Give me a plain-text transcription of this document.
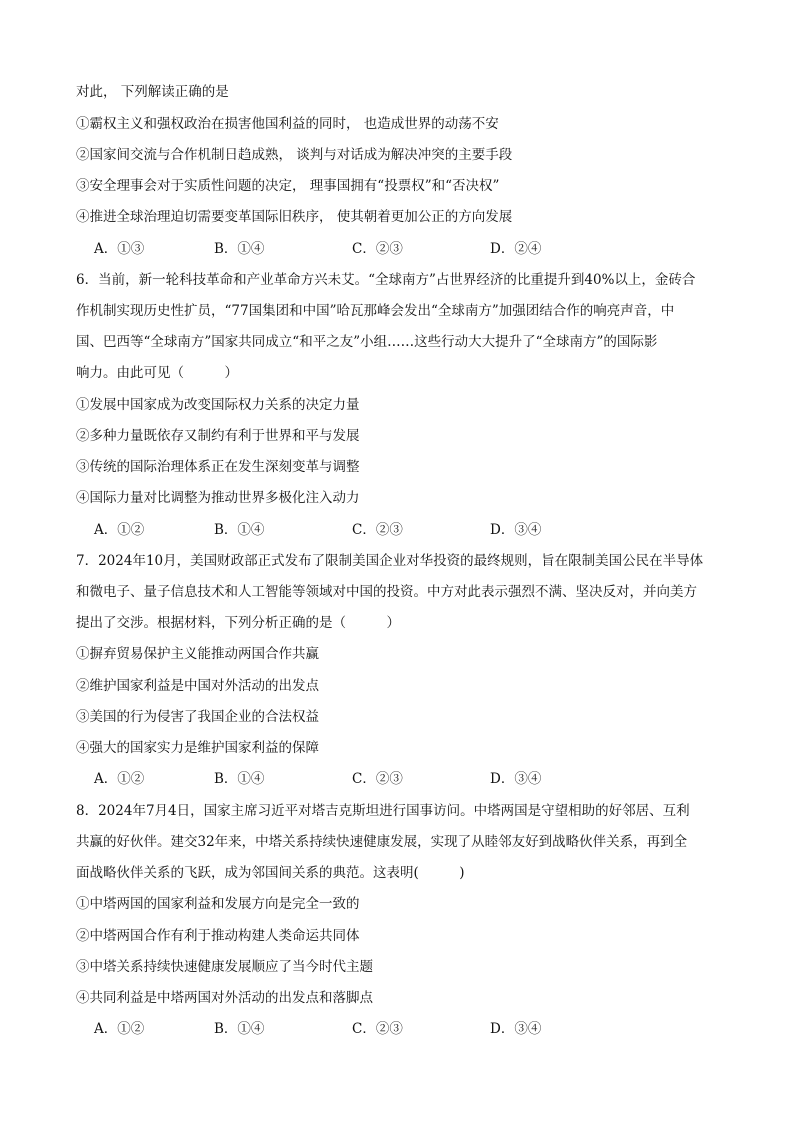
对此， 下列解读正确的是
①霸权主义和强权政治在损害他国利益的同时， 也造成世界的动荡不安
②国家间交流与合作机制日趋成熟， 谈判与对话成为解决冲突的主要手段
③安全理事会对于实质性问题的决定， 理事国拥有“投票权”和“否决权”
④推进全球治理迫切需要变革国际旧秩序， 使其朝着更加公正的方向发展
A．①③	B．①④	C．②③	D．②④
6．当前，新一轮科技革命和产业革命方兴未艾。“全球南方”占世界经济的比重提升到40%以上，金砖合
作机制实现历史性扩员，“77国集团和中国”哈瓦那峰会发出“全球南方”加强团结合作的响亮声音，中
国、巴西等“全球南方”国家共同成立“和平之友”小组……这些行动大大提升了“全球南方”的国际影
响力。由此可见（　　　）
①发展中国家成为改变国际权力关系的决定力量
②多种力量既依存又制约有利于世界和平与发展
③传统的国际治理体系正在发生深刻变革与调整
④国际力量对比调整为推动世界多极化注入动力
A．①②	B．①④	C．②③	D．③④
7．2024年10月，美国财政部正式发布了限制美国企业对华投资的最终规则，旨在限制美国公民在半导体
和微电子、量子信息技术和人工智能等领域对中国的投资。中方对此表示强烈不满、坚决反对，并向美方
提出了交涉。根据材料，下列分析正确的是（　　　）
①摒弃贸易保护主义能推动两国合作共赢
②维护国家利益是中国对外活动的出发点
③美国的行为侵害了我国企业的合法权益
④强大的国家实力是维护国家利益的保障
A．①②	B．①④	C．②③	D．③④
8．2024年7月4日，国家主席习近平对塔吉克斯坦进行国事访问。中塔两国是守望相助的好邻居、互利
共赢的好伙伴。建交32年来，中塔关系持续快速健康发展，实现了从睦邻友好到战略伙伴关系，再到全
面战略伙伴关系的飞跃，成为邻国间关系的典范。这表明(　　　)
①中塔两国的国家利益和发展方向是完全一致的
②中塔两国合作有利于推动构建人类命运共同体
③中塔关系持续快速健康发展顺应了当今时代主题
④共同利益是中塔两国对外活动的出发点和落脚点
A．①②	B．①④	C．②③	D．③④
